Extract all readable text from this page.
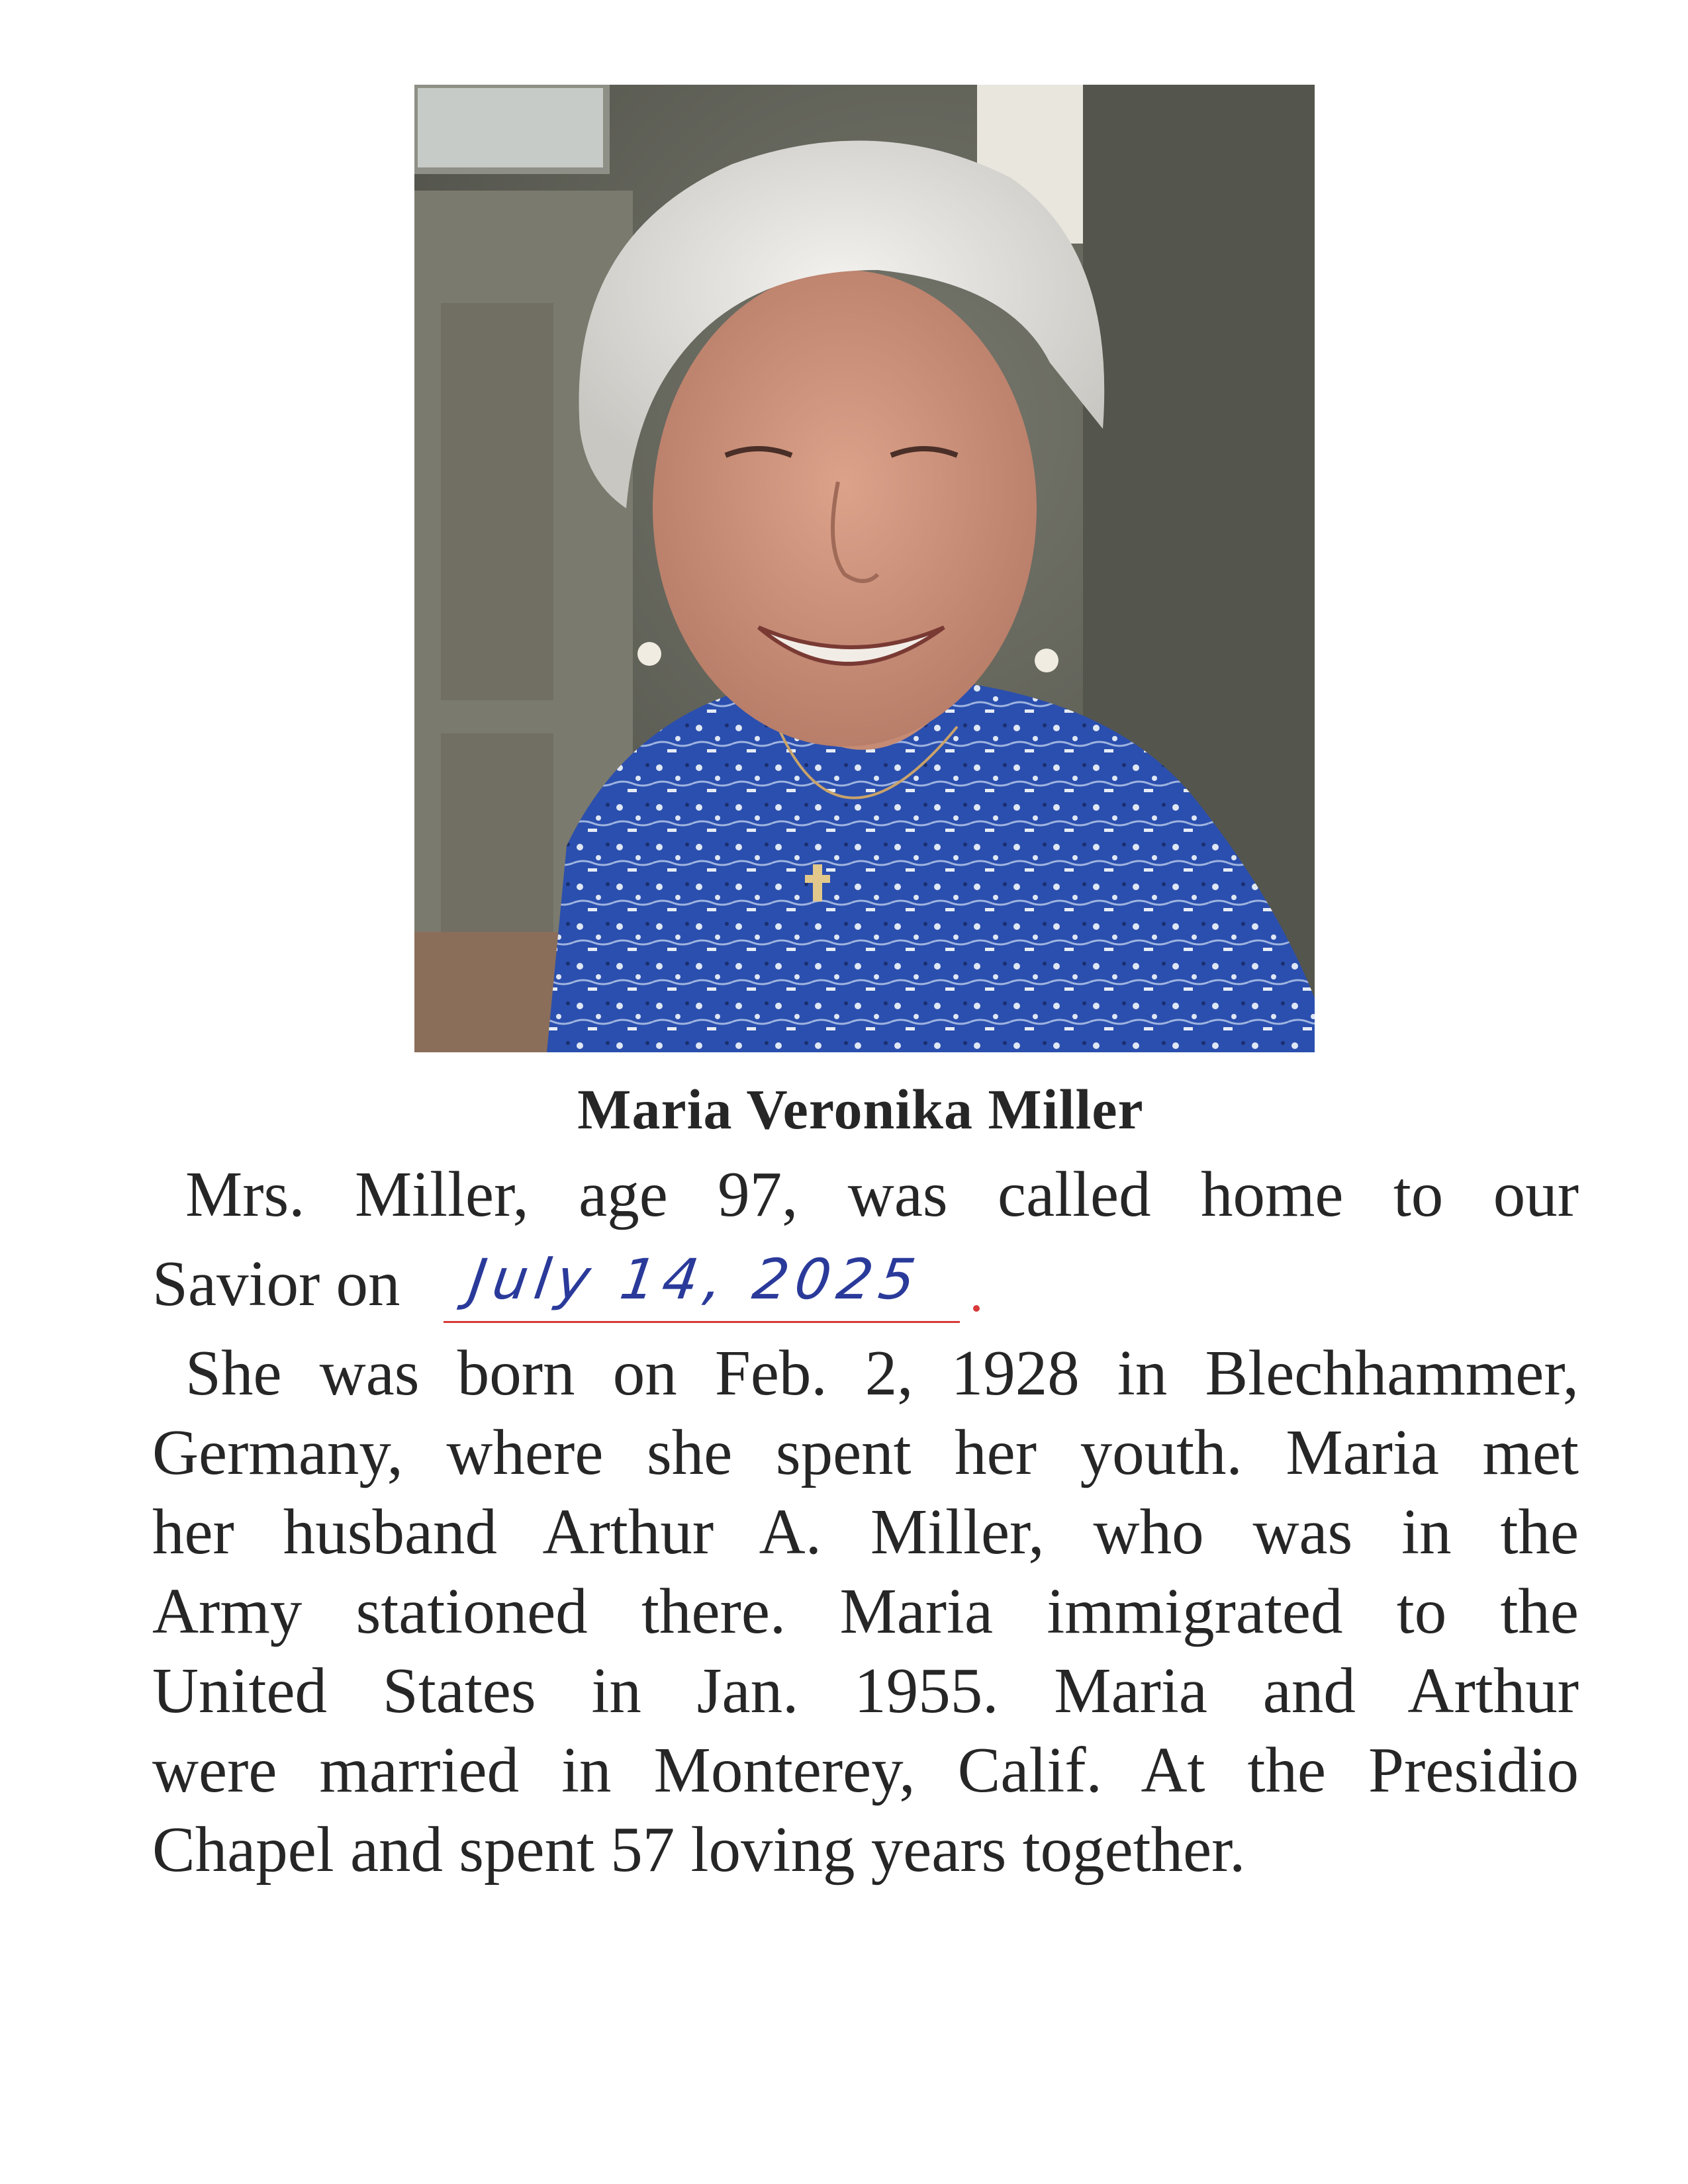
Maria Veronika Miller
Mrs. Miller, age 97, was called home to our
Savior on	July 14, 2025
She was born on Feb. 2, 1928 in Blechhammer,
Germany, where she spent her youth. Maria met
her husband Arthur A. Miller, who was in the
Army stationed there. Maria immigrated to the
United States in Jan. 1955. Maria and Arthur
were married in Monterey, Calif. At the Presidio
Chapel and spent 57 loving years together.
